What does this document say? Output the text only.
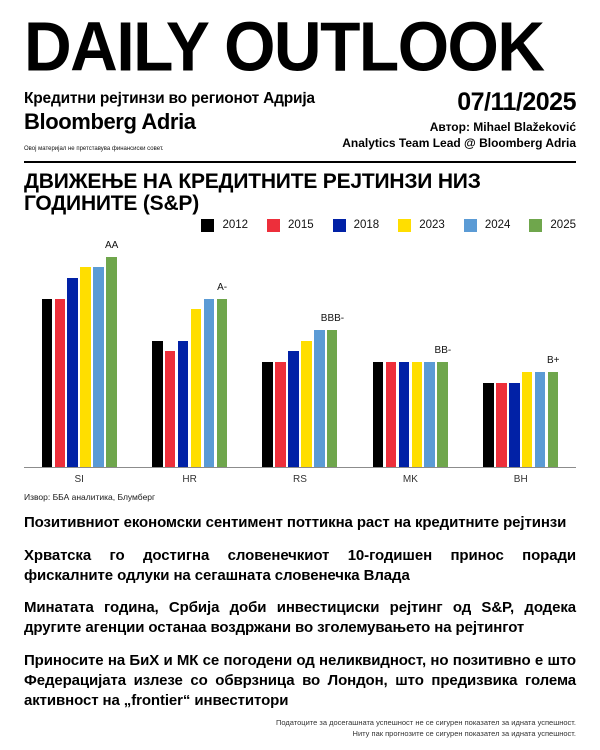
DAILY OUTLOOK
Кредитни рејтинзи во регионот Адрија
Bloomberg Adria
Овој материјал не претставува финансиски совет.
07/11/2025
Автор: Mihael Blažeković
Analytics Team Lead @ Bloomberg Adria
ДВИЖЕЊЕ НА КРЕДИТНИТЕ РЕЈТИНЗИ НИЗ
ГОДИНИТЕ (S&P)
2012	2015	2018	2023	2024	2025
AA
SI
A-
HR
BBB-
RS
BB-
MK
B+
BH
Извор: ББА аналитика, Блумберг

Позитивниот економски сентимент поттикна раст на кредитните рејтинзи

Хрватска го достигна словенечкиот 10-годишен принос поради фискалните одлуки на сегашната словенечка Влада

Минатата година, Србија доби инвестициски рејтинг од S&P, додека другите агенции останаа воздржани во зголемувањето на рејтингот

Приносите на БиХ и МК се погодени од неликвидност, но позитивно е што Федерацијата излезе со обврзница во Лондон, што предизвика голема активност на „frontier“ инвеститори

Податоците за досегашната успешност не се сигурен показател за идната успешност.
Ниту пак прогнозите се сигурен показател за идната успешност.
